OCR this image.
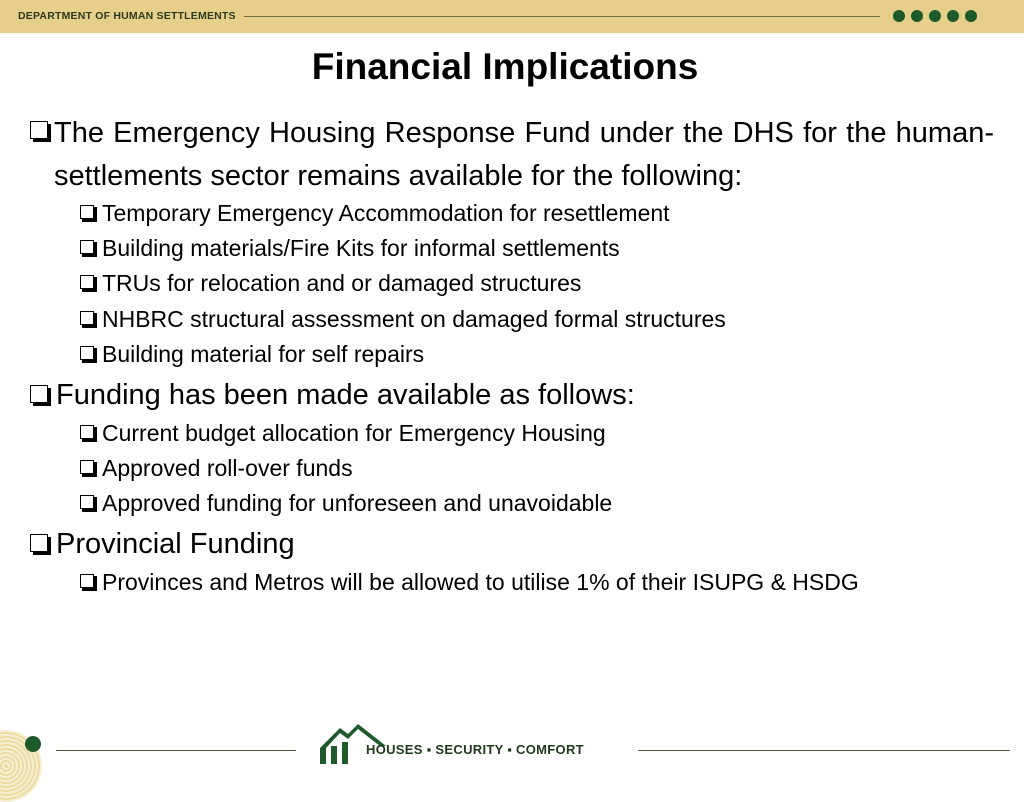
DEPARTMENT OF HUMAN SETTLEMENTS
Financial Implications
The Emergency Housing Response Fund under the DHS for the human-settlements sector remains available for the following:
Temporary Emergency Accommodation for resettlement
Building materials/Fire Kits for informal settlements
TRUs for relocation and or damaged structures
NHBRC structural assessment on damaged formal structures
Building material for self repairs
Funding has been made available as follows:
Current budget allocation for Emergency Housing
Approved roll-over funds
Approved funding for unforeseen and unavoidable
Provincial Funding
Provinces and Metros will be allowed to utilise 1% of their ISUPG & HSDG
HOUSES ▪ SECURITY ▪ COMFORT
